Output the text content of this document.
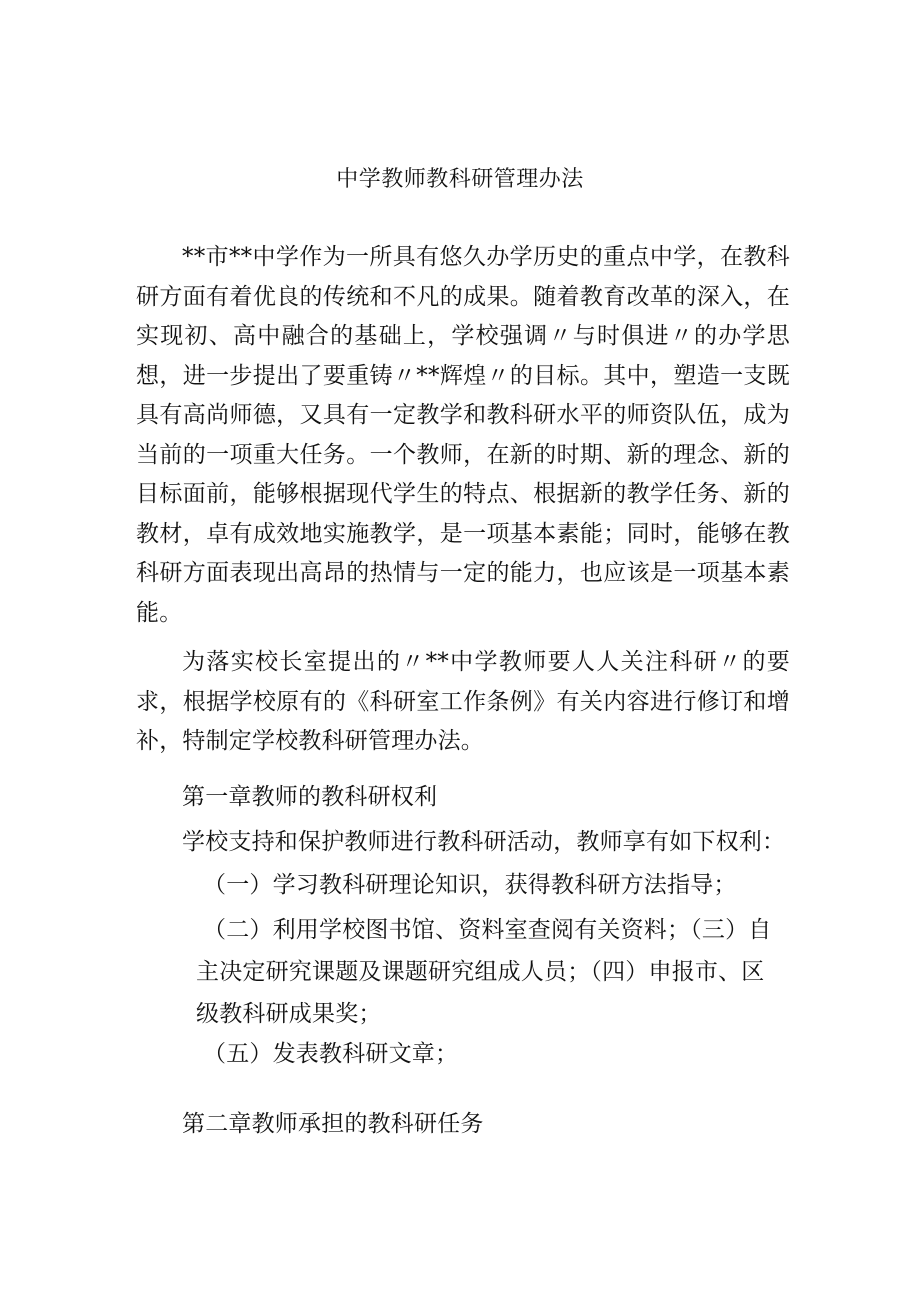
中学教师教科研管理办法

**市**中学作为一所具有悠久办学历史的重点中学，在教科研方面有着优良的传统和不凡的成果。随着教育改革的深入，在实现初、高中融合的基础上，学校强调〃与时俱进〃的办学思想，进一步提出了要重铸〃**辉煌〃的目标。其中，塑造一支既具有高尚师德，又具有一定教学和教科研水平的师资队伍，成为当前的一项重大任务。一个教师，在新的时期、新的理念、新的目标面前，能够根据现代学生的特点、根据新的教学任务、新的教材，卓有成效地实施教学，是一项基本素能；同时，能够在教科研方面表现出高昂的热情与一定的能力，也应该是一项基本素能。

为落实校长室提出的〃**中学教师要人人关注科研〃的要求，根据学校原有的《科研室工作条例》有关内容进行修订和增补，特制定学校教科研管理办法。

第一章教师的教科研权利

学校支持和保护教师进行教科研活动，教师享有如下权利：

（一）学习教科研理论知识，获得教科研方法指导；

（二）利用学校图书馆、资料室查阅有关资料；（三）自
主决定研究课题及课题研究组成人员；（四）申报市、区
级教科研成果奖；

（五）发表教科研文章；

第二章教师承担的教科研任务
